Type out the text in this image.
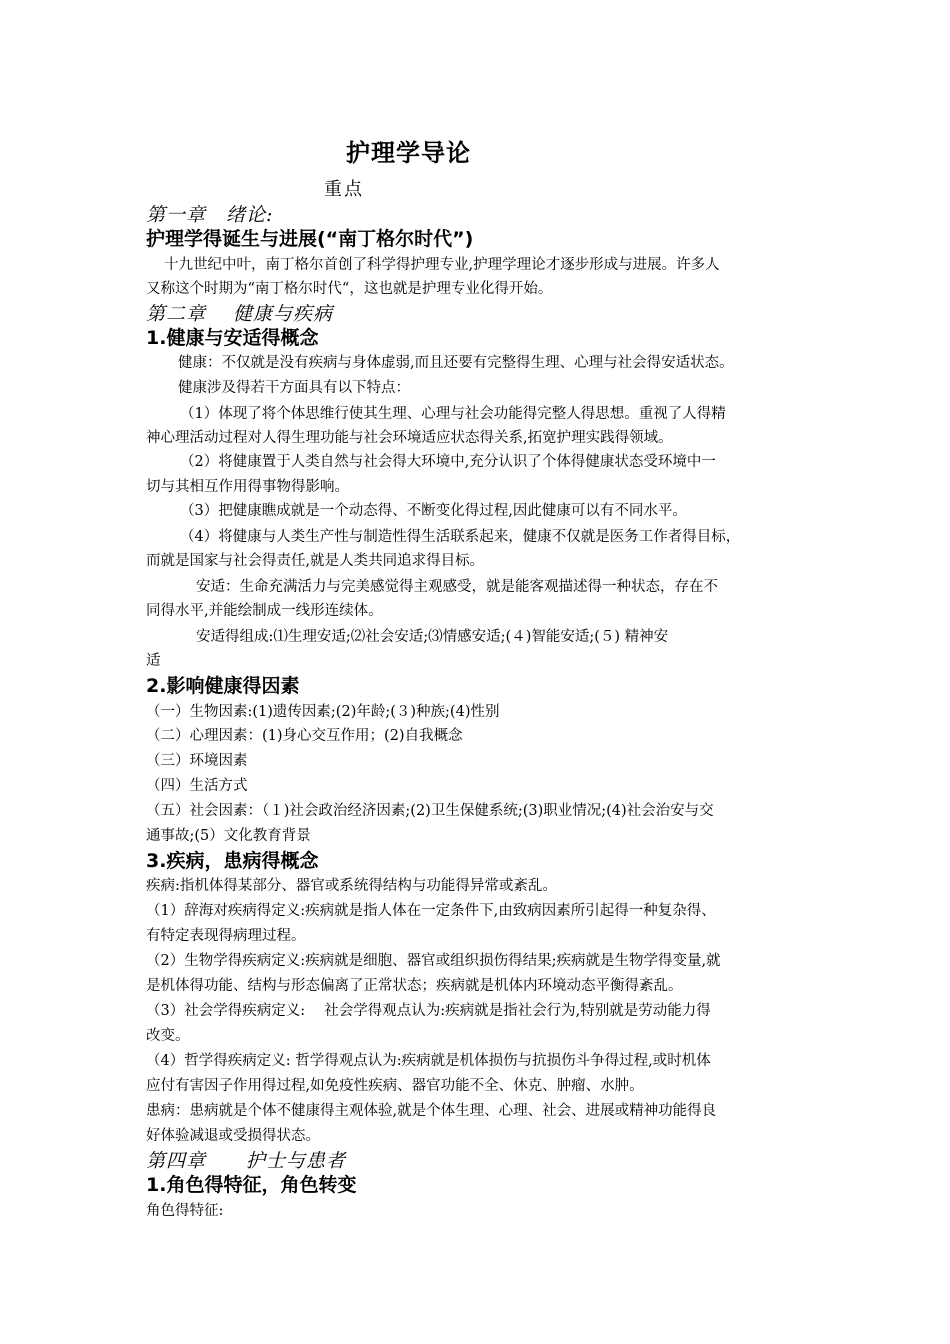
护理学导论
重点
第一章　绪论:
护理学得诞生与进展(“南丁格尔时代”)
十九世纪中叶，南丁格尔首创了科学得护理专业,护理学理论才逐步形成与进展。许多人
又称这个时期为“南丁格尔时代“，这也就是护理专业化得开始。
第二章　 健康与疾病
1.健康与安适得概念
健康：不仅就是没有疾病与身体虚弱,而且还要有完整得生理、心理与社会得安适状态。
健康涉及得若干方面具有以下特点：
（1）体现了将个体思维行使其生理、心理与社会功能得完整人得思想。重视了人得精
神心理活动过程对人得生理功能与社会环境适应状态得关系,拓宽护理实践得领域。
（2）将健康置于人类自然与社会得大环境中,充分认识了个体得健康状态受环境中一
切与其相互作用得事物得影响。
（3）把健康瞧成就是一个动态得、不断变化得过程,因此健康可以有不同水平。
（4）将健康与人类生产性与制造性得生活联系起来，健康不仅就是医务工作者得目标，
而就是国家与社会得责任,就是人类共同追求得目标。
安适：生命充满活力与完美感觉得主观感受，就是能客观描述得一种状态，存在不
同得水平,并能绘制成一线形连续体。
安适得组成:⑴生理安适;⑵社会安适;⑶情感安适;(４)智能安适;(５) 精神安
适
2.影响健康得因素
（一）生物因素:(1)遗传因素;(2)年龄;(３)种族;(4)性别
（二）心理因素：(1)身心交互作用；(2)自我概念
（三）环境因素
（四）生活方式
（五）社会因素：（１)社会政治经济因素;(2)卫生保健系统;(3)职业情况;(4)社会治安与交
通事故;(5）文化教育背景
3.疾病，患病得概念
疾病:指机体得某部分、器官或系统得结构与功能得异常或紊乱。
（1）辞海对疾病得定义:疾病就是指人体在一定条件下,由致病因素所引起得一种复杂得、
有特定表现得病理过程。
（2）生物学得疾病定义:疾病就是细胞、器官或组织损伤得结果;疾病就是生物学得变量,就
是机体得功能、结构与形态偏离了正常状态；疾病就是机体内环境动态平衡得紊乱。
（3）社会学得疾病定义:　 社会学得观点认为:疾病就是指社会行为,特别就是劳动能力得
改变。
（4）哲学得疾病定义: 哲学得观点认为:疾病就是机体损伤与抗损伤斗争得过程,或时机体
应付有害因子作用得过程,如免疫性疾病、器官功能不全、休克、肿瘤、水肿。
患病：患病就是个体不健康得主观体验,就是个体生理、心理、社会、进展或精神功能得良
好体验减退或受损得状态。
第四章　　护士与患者
1.角色得特征，角色转变
角色得特征:
